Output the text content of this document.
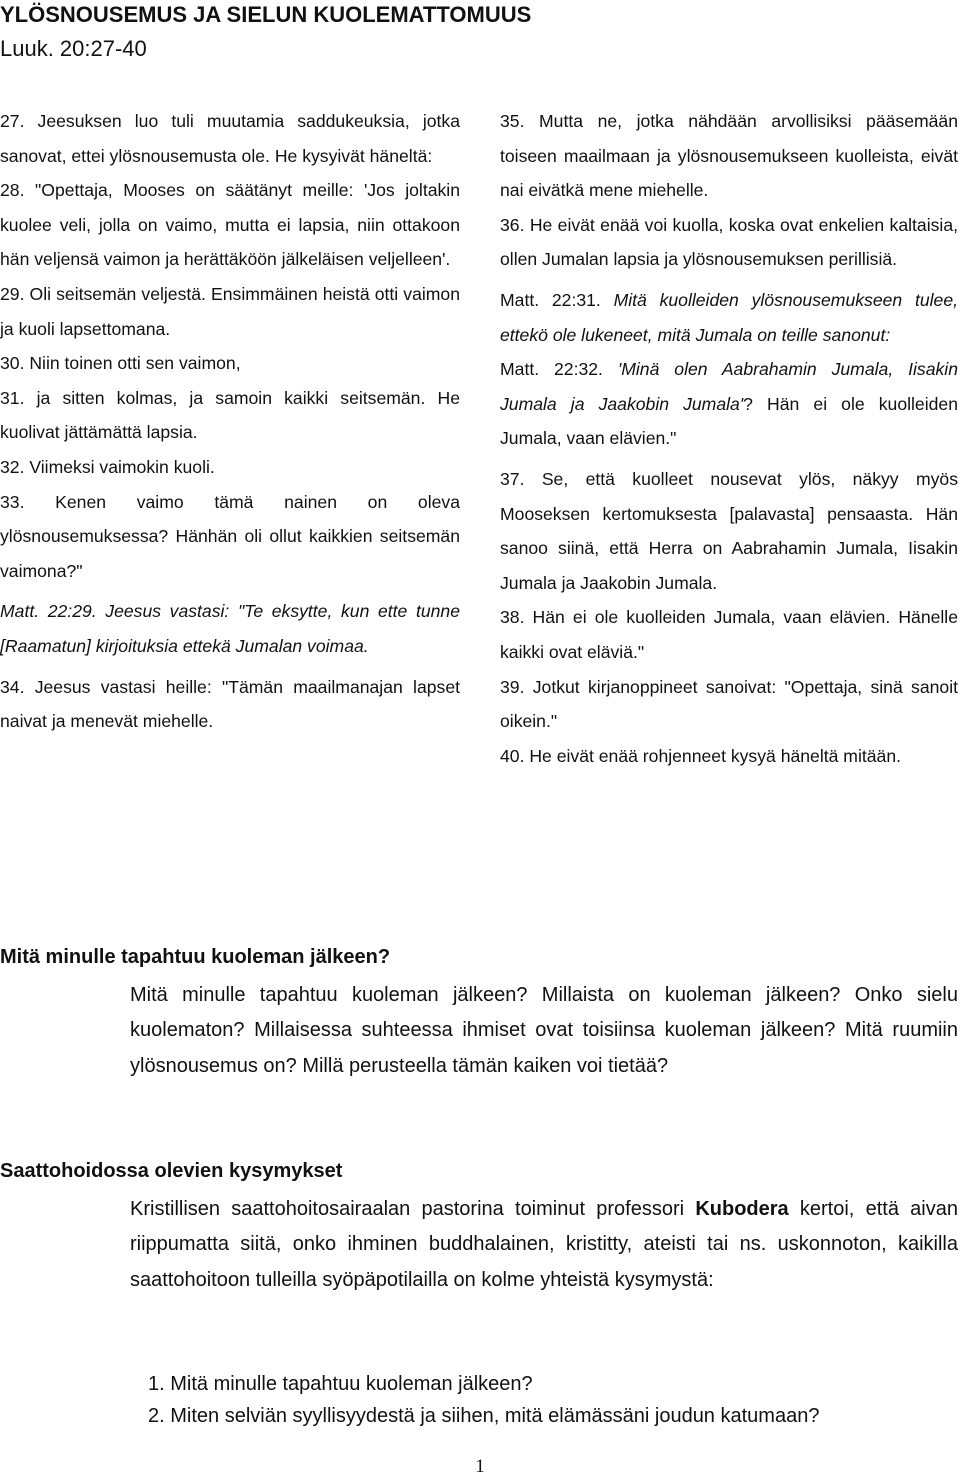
YLÖSNOUSEMUS JA SIELUN KUOLEMATTOMUUS
Luuk. 20:27-40

27. Jeesuksen luo tuli muutamia saddukeuksia, jotka sanovat, ettei ylösnousemusta ole. He kysyivät häneltä:

28. "Opettaja, Mooses on säätänyt meille: 'Jos joltakin kuolee veli, jolla on vaimo, mutta ei lapsia, niin ottakoon hän veljensä vaimon ja herättäköön jälkeläisen veljelleen'.

29. Oli seitsemän veljestä. Ensimmäinen heistä otti vaimon ja kuoli lapsettomana.

30. Niin toinen otti sen vaimon,

31. ja sitten kolmas, ja samoin kaikki seitsemän. He kuolivat jättämättä lapsia.

32. Viimeksi vaimokin kuoli.

33. Kenen vaimo tämä nainen on oleva ylösnousemuksessa? Hänhän oli ollut kaikkien seitsemän vaimona?"

Matt. 22:29. Jeesus vastasi: "Te eksytte, kun ette tunne [Raamatun] kirjoituksia ettekä Jumalan voimaa.

34. Jeesus vastasi heille: "Tämän maailmanajan lapset naivat ja menevät miehelle.

35. Mutta ne, jotka nähdään arvollisiksi pääsemään toiseen maailmaan ja ylösnousemukseen kuolleista, eivät nai eivätkä mene miehelle.

36. He eivät enää voi kuolla, koska ovat enkelien kaltaisia, ollen Jumalan lapsia ja ylösnousemuksen perillisiä.

Matt. 22:31. Mitä kuolleiden ylösnousemukseen tulee, ettekö ole lukeneet, mitä Jumala on teille sanonut:

Matt. 22:32. 'Minä olen Aabrahamin Jumala, Iisakin Jumala ja Jaakobin Jumala'? Hän ei ole kuolleiden Jumala, vaan elävien."

37. Se, että kuolleet nousevat ylös, näkyy myös Mooseksen kertomuksesta [palavasta] pensaasta. Hän sanoo siinä, että Herra on Aabrahamin Jumala, Iisakin Jumala ja Jaakobin Jumala.

38. Hän ei ole kuolleiden Jumala, vaan elävien. Hänelle kaikki ovat eläviä."

39. Jotkut kirjanoppineet sanoivat: "Opettaja, sinä sanoit oikein."

40. He eivät enää rohjenneet kysyä häneltä mitään.

Mitä minulle tapahtuu kuoleman jälkeen?

Mitä minulle tapahtuu kuoleman jälkeen? Millaista on kuoleman jälkeen? Onko sielu kuolematon? Millaisessa suhteessa ihmiset ovat toisiinsa kuoleman jälkeen? Mitä ruumiin ylösnousemus on? Millä perusteella tämän kaiken voi tietää?

Saattohoidossa olevien kysymykset

Kristillisen saattohoitosairaalan pastorina toiminut professori Kubodera kertoi, että aivan riippumatta siitä, onko ihminen buddhalainen, kristitty, ateisti tai ns. uskonnoton, kaikilla saattohoitoon tulleilla syöpäpotilailla on kolme yhteistä kysymystä:

1. Mitä minulle tapahtuu kuoleman jälkeen?
2. Miten selviän syyllisyydestä ja siihen, mitä elämässäni joudun katumaan?
1
